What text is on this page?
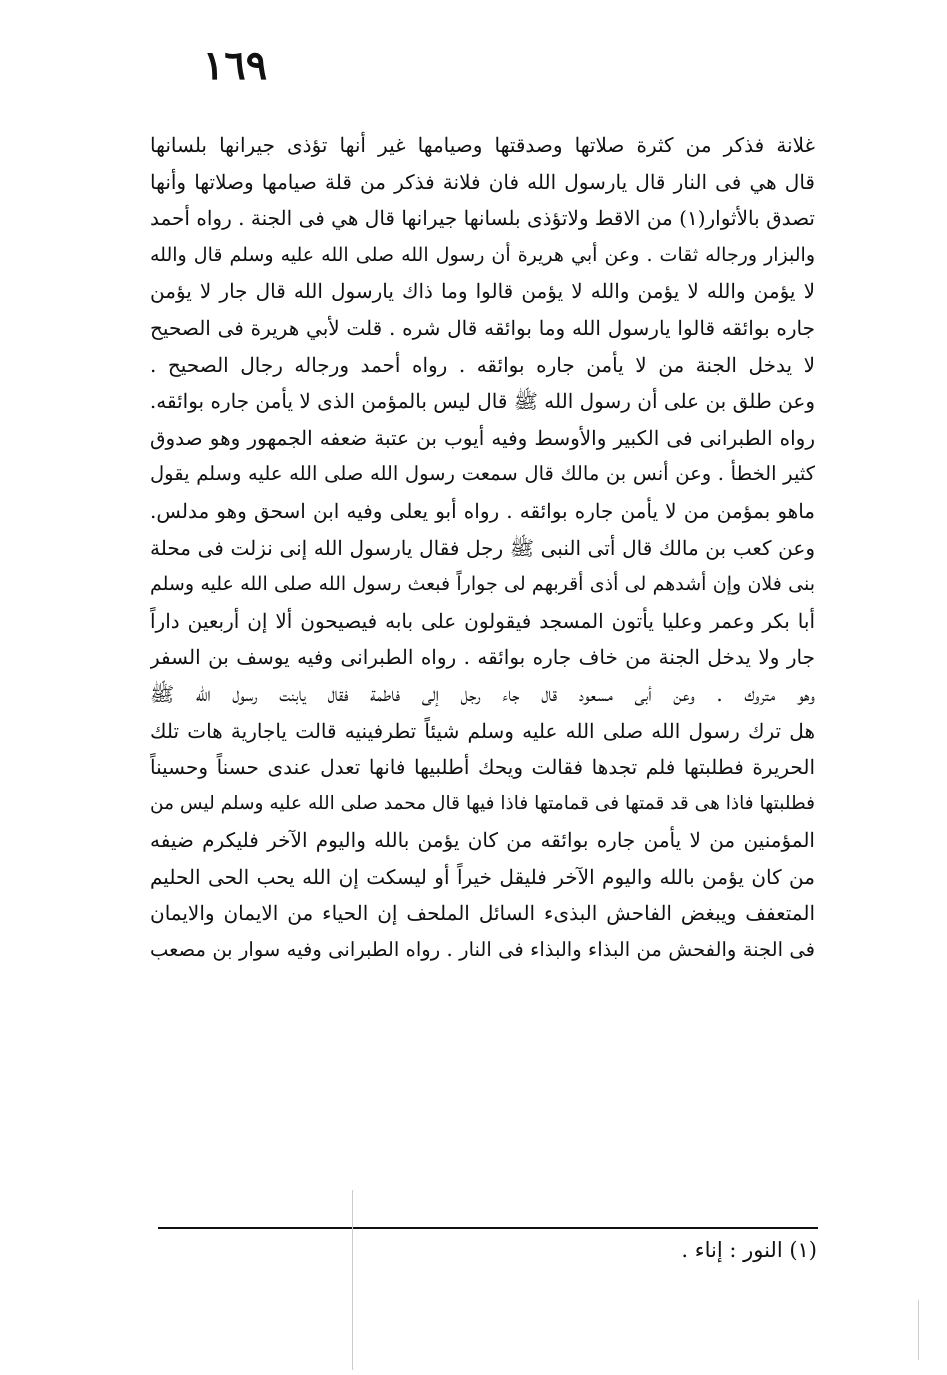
١٦٩
غلانة فذكر من كثرة صلاتها وصدقتها وصيامها غير أنها تؤذى جيرانها بلسانها
قال هي فى النار قال يارسول الله فان فلانة فذكر من قلة صيامها وصلاتها وأنها
تصدق بالأثوار(١) من الاقط ولاتؤذى بلسانها جيرانها قال هي فى الجنة . رواه أحمد
والبزار ورجاله ثقات . وعن أبي هريرة أن رسول الله صلى الله عليه وسلم قال والله
لا يؤمن والله لا يؤمن والله لا يؤمن قالوا وما ذاك يارسول الله قال جار لا يؤمن
جاره بوائقه قالوا يارسول الله وما بوائقه قال شره . قلت لأبي هريرة فى الصحيح
لا يدخل الجنة من لا يأمن جاره بوائقه . رواه أحمد ورجاله رجال الصحيح .
وعن طلق بن على أن رسول الله ﷺ قال ليس بالمؤمن الذى لا يأمن جاره بوائقه.
رواه الطبرانى فى الكبير والأوسط وفيه أيوب بن عتبة ضعفه الجمهور وهو صدوق
كثير الخطأ . وعن أنس بن مالك قال سمعت رسول الله صلى الله عليه وسلم يقول
ماهو بمؤمن من لا يأمن جاره بوائقه . رواه أبو يعلى وفيه ابن اسحق وهو مدلس.
وعن كعب بن مالك قال أتى النبى ﷺ رجل فقال يارسول الله إنى نزلت فى محلة
بنى فلان وإن أشدهم لى أذى أقربهم لى جواراً فبعث رسول الله صلى الله عليه وسلم
أبا بكر وعمر وعليا يأتون المسجد فيقولون على بابه فيصيحون ألا إن أربعين داراً
جار ولا يدخل الجنة من خاف جاره بوائقه . رواه الطبرانى وفيه يوسف بن السفر
وهو متروك . وعن أبى مسعود قال جاء رجل إلى فاطمة فقال يابنت رسول الله ﷺ
هل ترك رسول الله صلى الله عليه وسلم شيئاً تطرفينيه قالت ياجارية هات تلك
الحريرة فطلبتها فلم تجدها فقالت ويحك أطلبيها فانها تعدل عندى حسناً وحسيناً
فطلبتها فاذا هى قد قمتها فى قمامتها فاذا فيها قال محمد صلى الله عليه وسلم ليس من
المؤمنين من لا يأمن جاره بوائقه من كان يؤمن بالله واليوم الآخر فليكرم ضيفه
من كان يؤمن بالله واليوم الآخر فليقل خيراً أو ليسكت إن الله يحب الحى الحليم
المتعفف ويبغض الفاحش البذىء السائل الملحف إن الحياء من الايمان والايمان
فى الجنة والفحش من البذاء والبذاء فى النار . رواه الطبرانى وفيه سوار بن مصعب
(١) النور : إناء .
